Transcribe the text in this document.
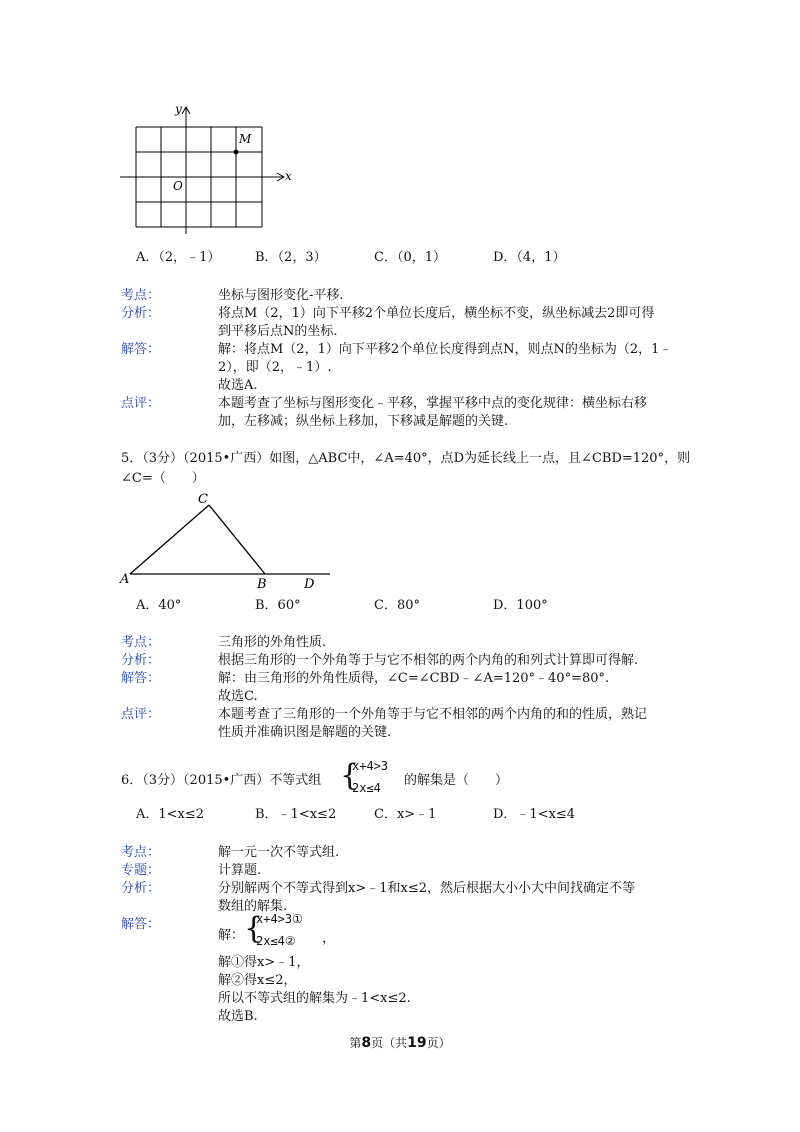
y
x
O
M
A．（2，﹣1）	B．（2，3）	C．（0，1）	D．（4，1）
考点：	坐标与图形变化-平移.
分析：	将点M（2，1）向下平移2个单位长度后，横坐标不变，纵坐标减去2即可得
到平移后点N的坐标.
解答：	解：将点M（2，1）向下平移2个单位长度得到点N，则点N的坐标为（2，1﹣
2），即（2，﹣1）.
故选A.
点评：	本题考查了坐标与图形变化﹣平移，掌握平移中点的变化规律：横坐标右移
加，左移减；纵坐标上移加，下移减是解题的关键.
5．（3分）（2015•广西）如图，△ABC中，∠A=40°，点D为延长线上一点，且∠CBD=120°，则
∠C=（　　）
A	B
C
D
A．40°	B．60°	C．80°	D．100°
考点：	三角形的外角性质.
分析：	根据三角形的一个外角等于与它不相邻的两个内角的和列式计算即可得解.
解答：	解：由三角形的外角性质得，∠C=∠CBD﹣∠A=120°﹣40°=80°.
故选C.
点评：	本题考查了三角形的一个外角等于与它不相邻的两个内角的和的性质，熟记
性质并准确识图是解题的关键.
6．（3分）（2015•广西）不等式组 {
x+4>3
2x≤4 的解集是（　　）
A．1<x≤2	B．﹣1<x≤2	C．x>﹣1	D．﹣1<x≤4
考点：	解一元一次不等式组.
专题：	计算题.
分析：	分别解两个不等式得到x>﹣1和x≤2，然后根据大小小大中间找确定不等
数组的解集.
解答：
解： {
x+4>3①
2x≤4② ，
解①得x>﹣1，
解②得x≤2，
所以不等式组的解集为﹣1<x≤2.
故选B.
第8页（共19页）
